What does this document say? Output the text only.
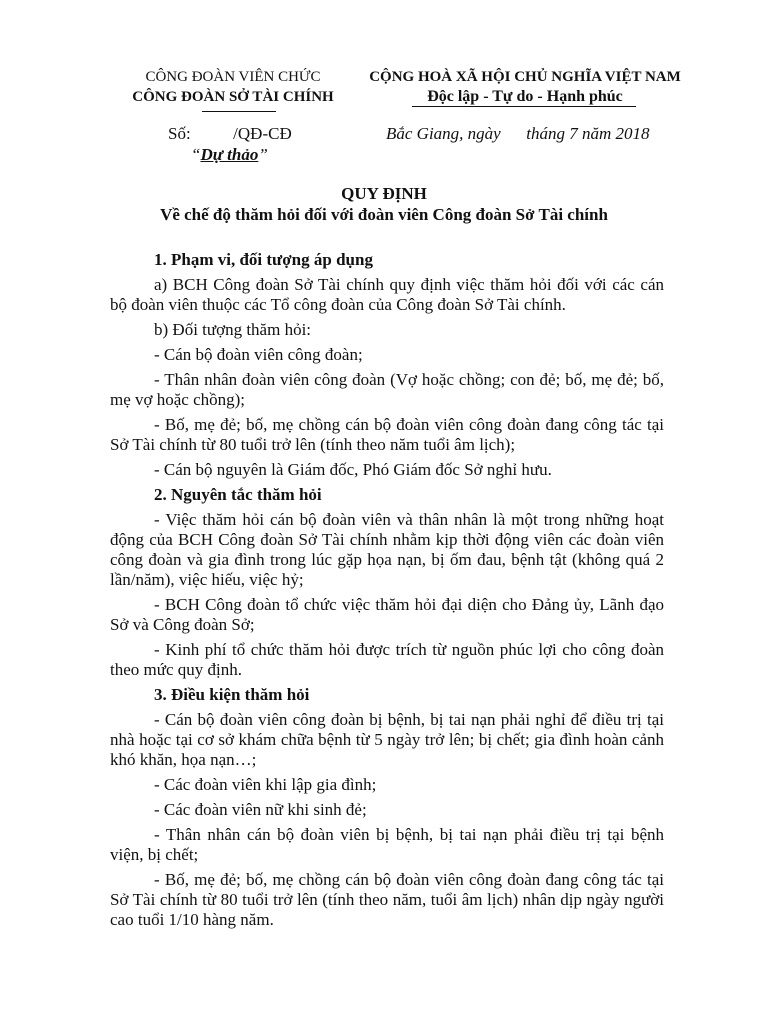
CÔNG ĐOÀN VIÊN CHỨC
CÔNG ĐOÀN SỞ TÀI CHÍNH
CỘNG HOÀ XÃ HỘI CHỦ NGHĨA VIỆT NAM
Độc lập - Tự do - Hạnh phúc
Số:          /QĐ-CĐ	Bắc Giang, ngày      tháng 7 năm 2018
“Dự thảo”
QUY ĐỊNH
Về chế độ thăm hỏi đối với đoàn viên Công đoàn Sở Tài chính
1. Phạm vi, đối tượng áp dụng

a) BCH Công đoàn Sở Tài chính quy định việc thăm hỏi đối với các cán bộ đoàn viên thuộc các Tổ công đoàn của Công đoàn Sở Tài chính.

b) Đối tượng thăm hỏi:

- Cán bộ đoàn viên công đoàn;

- Thân nhân đoàn viên công đoàn (Vợ hoặc chồng; con đẻ; bố, mẹ đẻ; bố, mẹ vợ hoặc chồng);

- Bố, mẹ đẻ; bố, mẹ chồng cán bộ đoàn viên công đoàn đang công tác tại Sở Tài chính từ 80 tuổi trở lên (tính theo năm tuổi âm lịch);

- Cán bộ nguyên là Giám đốc, Phó Giám đốc Sở nghỉ hưu.

2. Nguyên tắc thăm hỏi

- Việc thăm hỏi cán bộ đoàn viên và thân nhân là một trong những hoạt động của BCH Công đoàn Sở Tài chính nhằm kịp thời động viên các đoàn viên công đoàn và gia đình trong lúc gặp họa nạn, bị ốm đau, bệnh tật (không quá 2 lần/năm), việc hiếu, việc hỷ;

- BCH Công đoàn tổ chức việc thăm hỏi đại diện cho Đảng ủy, Lãnh đạo Sở và Công đoàn Sở;

- Kinh phí tổ chức thăm hỏi được trích từ nguồn phúc lợi cho công đoàn theo mức quy định.

3. Điều kiện thăm hỏi

- Cán bộ đoàn viên công đoàn bị bệnh, bị tai nạn phải nghỉ để điều trị tại nhà hoặc tại cơ sở khám chữa bệnh từ 5 ngày trở lên; bị chết; gia đình hoàn cảnh khó khăn, họa nạn…;

- Các đoàn viên khi lập gia đình;

- Các đoàn viên nữ khi sinh đẻ;

- Thân nhân cán bộ đoàn viên bị bệnh, bị tai nạn phải điều trị tại bệnh viện, bị chết;

- Bố, mẹ đẻ; bố, mẹ chồng cán bộ đoàn viên công đoàn đang công tác tại Sở Tài chính từ 80 tuổi trở lên (tính theo năm, tuổi âm lịch) nhân dịp ngày người cao tuổi 1/10 hàng năm.
